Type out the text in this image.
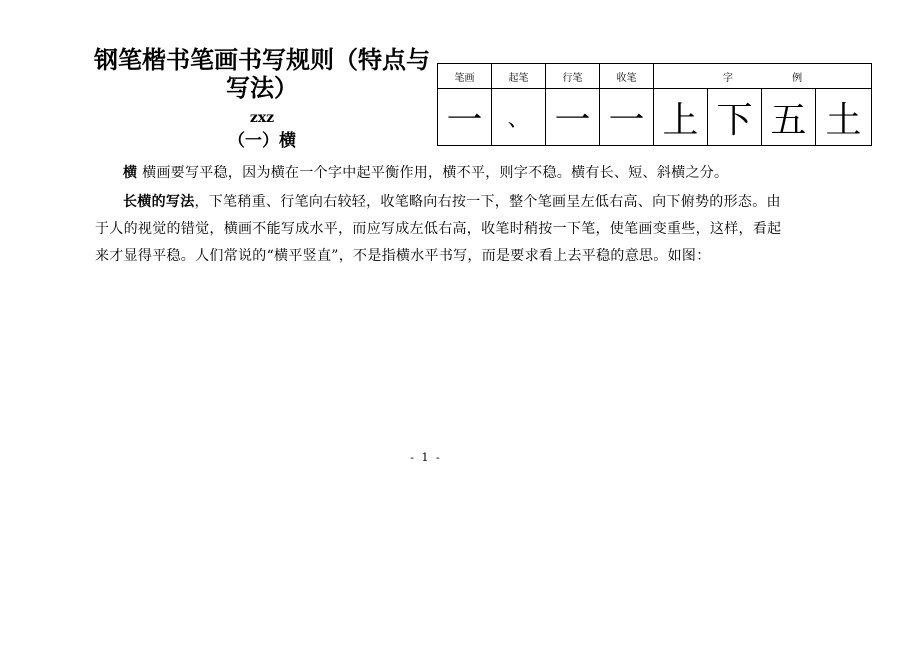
钢笔楷书笔画书写规则（特点与写法）
zxz
（一）横
笔画	起笔	行笔	收笔	字 例			
一	、	一	一	上	下	五	土

横 横画要写平稳，因为横在一个字中起平衡作用，横不平，则字不稳。横有长、短、斜横之分。

长横的写法，下笔稍重、行笔向右较轻，收笔略向右按一下，整个笔画呈左低右高、向下俯势的形态。由于人的视觉的错觉，横画不能写成水平，而应写成左低右高，收笔时稍按一下笔，使笔画变重些，这样，看起来才显得平稳。人们常说的“横平竖直”，不是指横水平书写，而是要求看上去平稳的意思。如图：

- 1 -
